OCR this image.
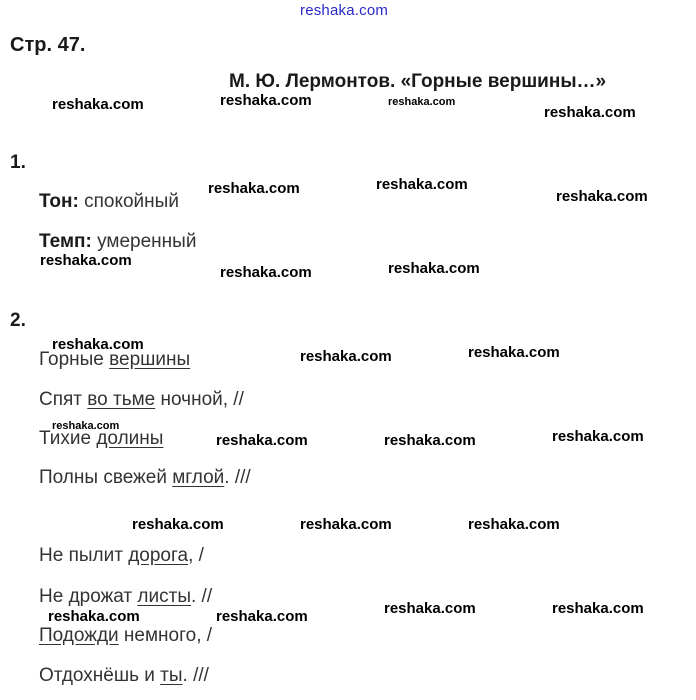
reshaka.com
Стр. 47.
М. Ю. Лермонтов. «Горные вершины…»
1.
Тон: спокойный
Темп: умеренный
2.
Горные вершины
Спят во тьме ночной, //
Тихие долины
Полны свежей мглой. ///
Не пылит дорога, /
Не дрожат листы. //
Подожди немного, /
Отдохнёшь и ты. ///
reshaka.com	reshaka.com	reshaka.com
reshaka.com
reshaka.com	reshaka.com
reshaka.com
reshaka.com
reshaka.com	reshaka.com
reshaka.com
reshaka.com	reshaka.com
reshaka.com
reshaka.com	reshaka.com	reshaka.com
reshaka.com	reshaka.com	reshaka.com
reshaka.com	reshaka.com	reshaka.com	reshaka.com
